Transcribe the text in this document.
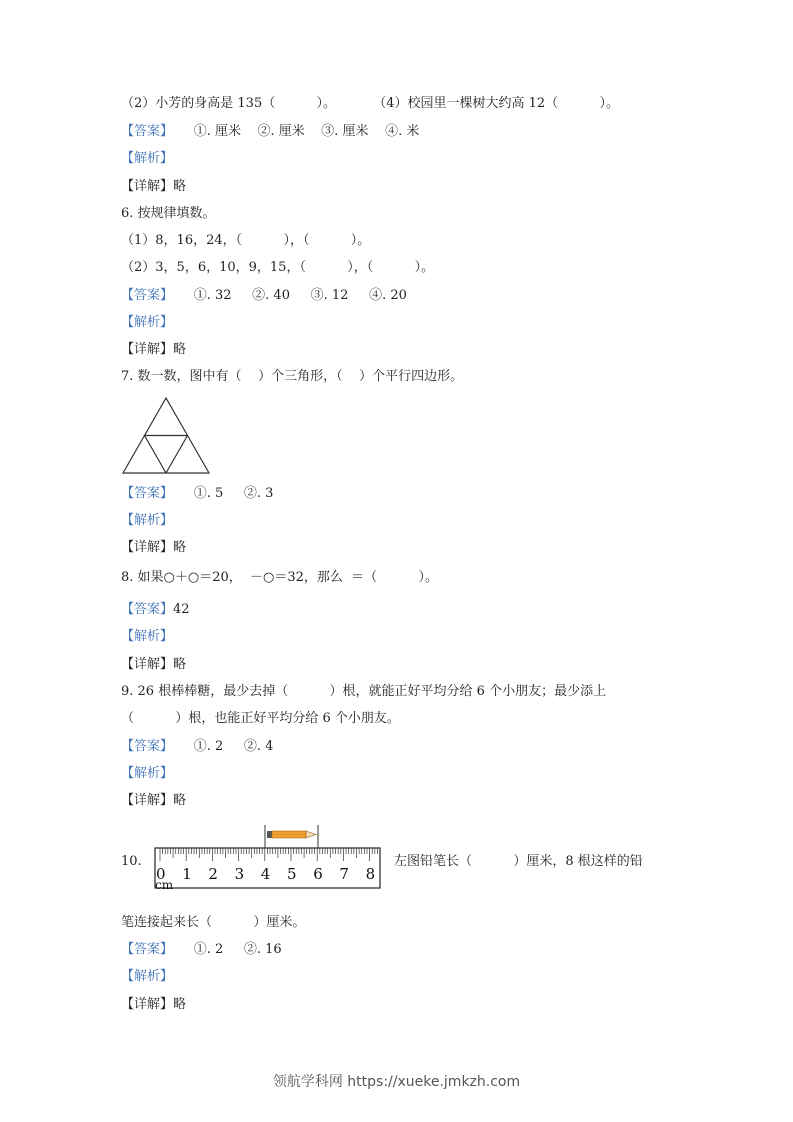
（2）小芳的身高是 135（          ）。         （4）校园里一棵树大约高 12（          ）。
【答案】 ①. 厘米    ②. 厘米    ③. 厘米    ④. 米
【解析】
【详解】略
6. 按规律填数。
（1）8，16，24，（          ），（          ）。
（2）3，5，6，10，9，15，（          ），（          ）。
【答案】 ①. 32     ②. 40     ③. 12     ④. 20
【解析】
【详解】略
7. 数一数，图中有（    ）个三角形，（    ）个平行四边形。
【答案】 ①. 5     ②. 3
【解析】
【详解】略
8. 如果○＋○＝20，  －○＝32，那么  ＝（          ）。
【答案】42
【解析】
【详解】略
9. 26 根棒棒糖，最少去掉（          ）根，就能正好平均分给 6 个小朋友；最少添上
（          ）根，也能正好平均分给 6 个小朋友。
【答案】 ①. 2     ②. 4
【解析】
【详解】略
10.
0 1 2 3 4 5 6 7 8
cm
左图铅笔长（          ）厘米，8 根这样的铅
笔连接起来长（          ）厘米。
【答案】 ①. 2     ②. 16
【解析】
【详解】略
领航学科网 https://xueke.jmkzh.com
